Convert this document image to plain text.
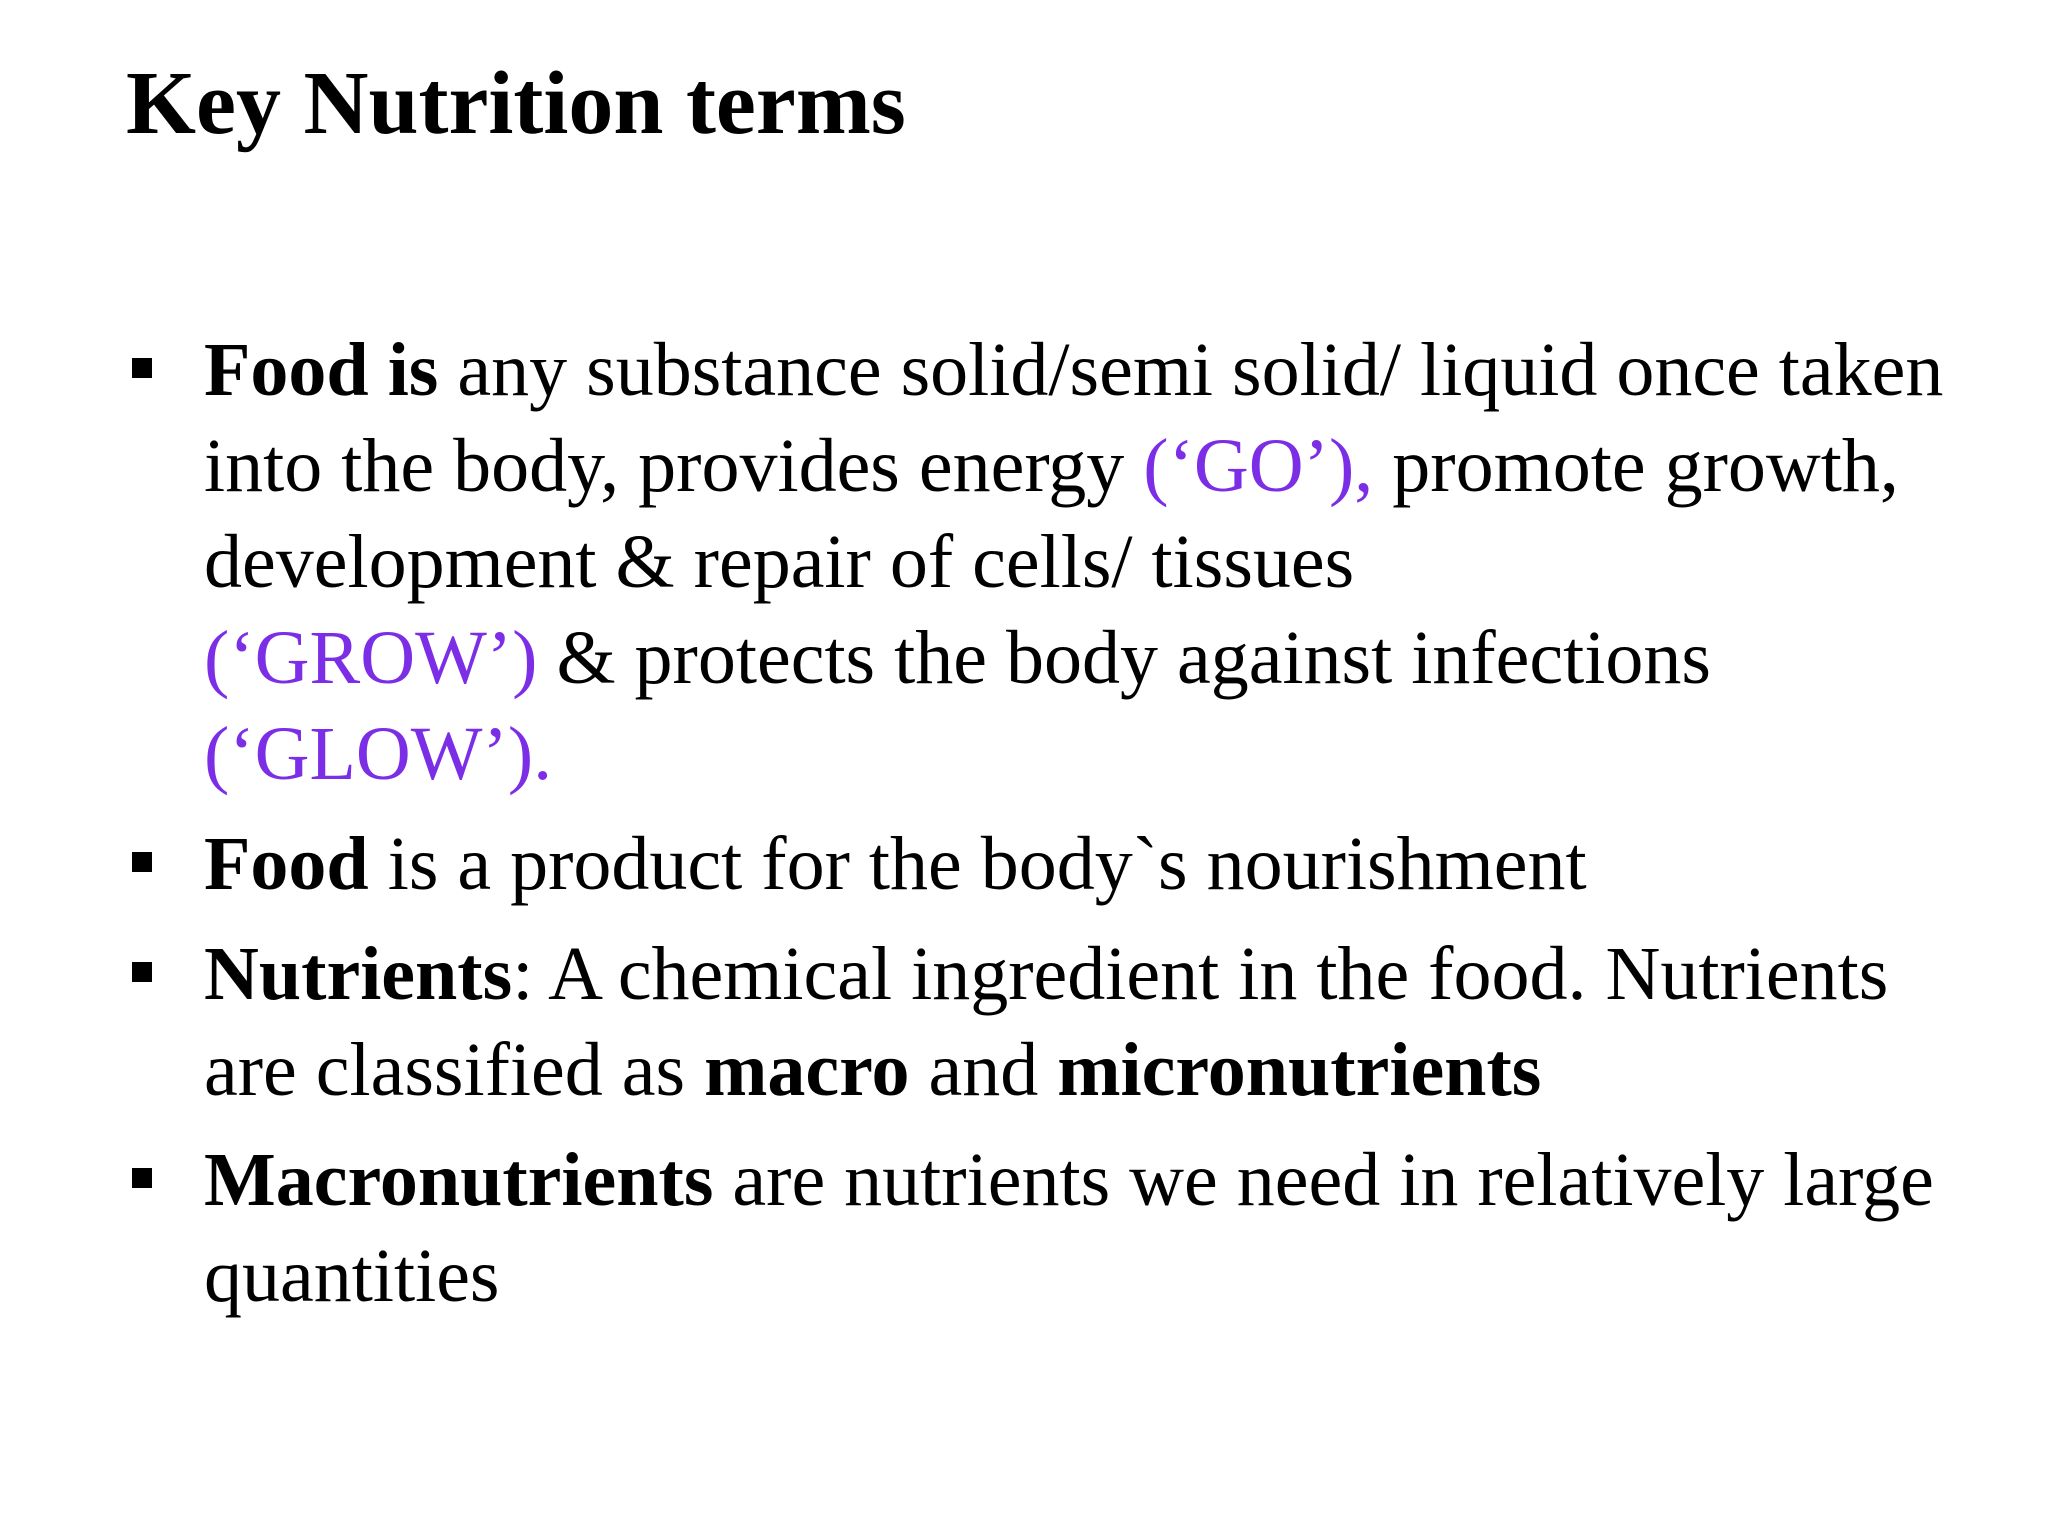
Key Nutrition terms
Food is any substance solid/semi solid/ liquid once taken into the body, provides energy (‘GO’), promote growth, development & repair of cells/ tissues
(‘GROW’) & protects the body against infections
(‘GLOW’).
Food is a product for the body`s nourishment
Nutrients: A chemical ingredient in the food. Nutrients are classified as macro and micronutrients
Macronutrients are nutrients we need in relatively large quantities
